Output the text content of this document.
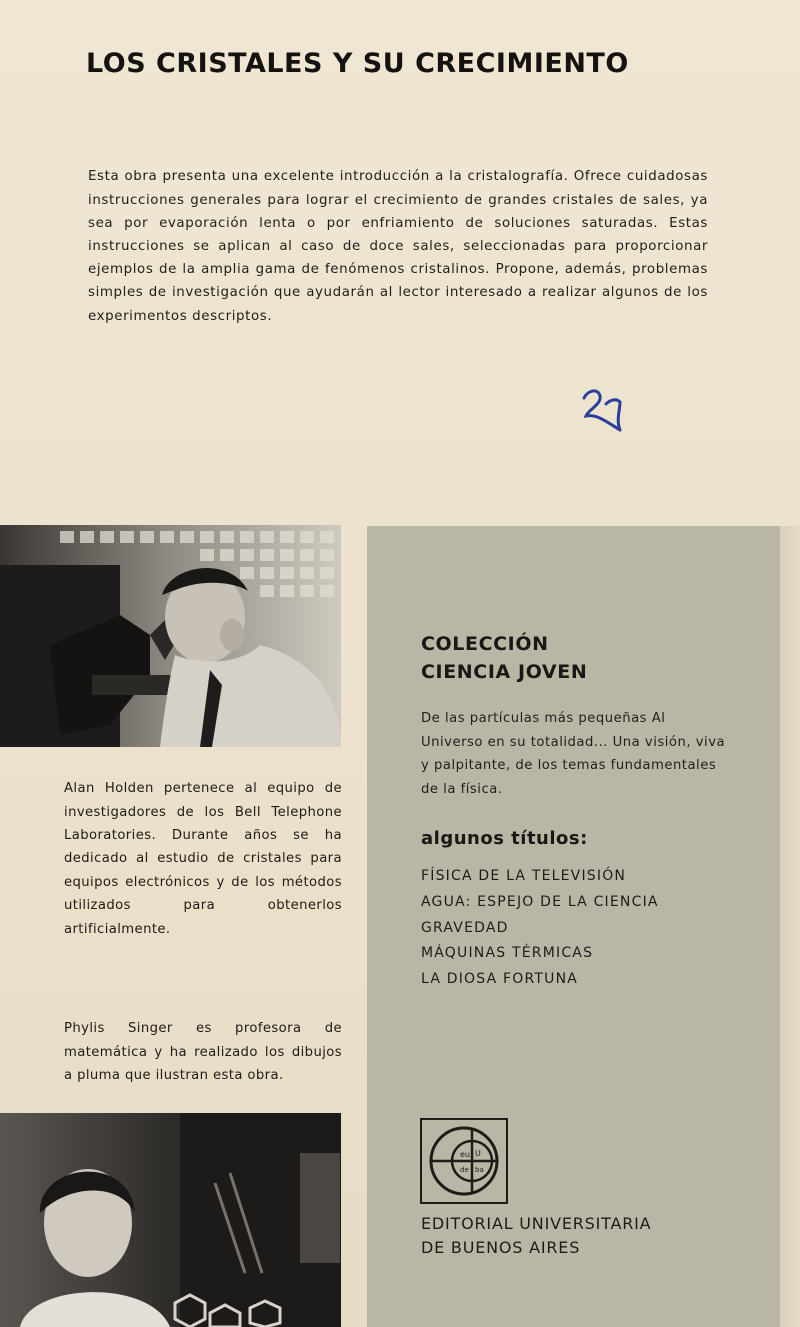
LOS CRISTALES Y SU CRECIMIENTO

Esta obra presenta una excelente introducción a la cristalografía. Ofrece cuidadosas instrucciones generales para lograr el crecimiento de grandes cristales de sales, ya sea por evaporación lenta o por enfriamiento de soluciones saturadas. Estas instrucciones se aplican al caso de doce sales, seleccionadas para proporcionar ejemplos de la amplia gama de fenómenos cristalinos. Propone, además, problemas simples de investigación que ayudarán al lector interesado a realizar algunos de los experimentos descriptos.

2

Alan Holden pertenece al equipo de investigadores de los Bell Telephone Laboratories. Durante años se ha dedicado al estudio de cristales para equipos electrónicos y de los métodos utilizados para obtenerlos artificialmente.

Phylis Singer es profesora de matemática y ha realizado los dibujos a pluma que ilustran esta obra.

COLECCIÓN
CIENCIA JOVEN

De las partículas más pequeñas Al Universo en su totalidad... Una visión, viva y palpitante, de los temas fundamentales de la física.

algunos títulos:
FÍSICA DE LA TELEVISIÓN
AGUA: ESPEJO DE LA CIENCIA
GRAVEDAD
MÁQUINAS TÉRMICAS
LA DIOSA FORTUNA
eu U
de ba
EDITORIAL UNIVERSITARIA
DE BUENOS AIRES
